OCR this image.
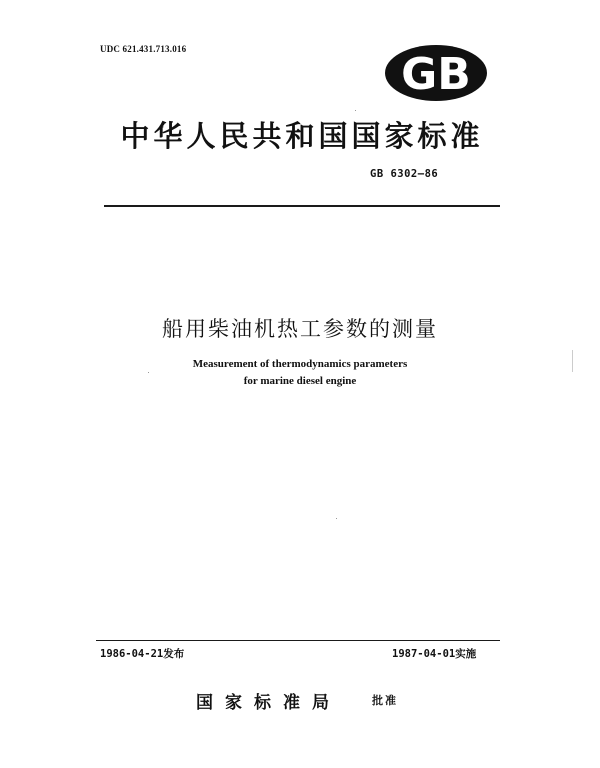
UDC 621.431.713.016	GB
中华人民共和国国家标准
GB 6302—86
船用柴油机热工参数的测量
Measurement of thermodynamics parameters
for marine diesel engine
1986-04-21发布	1987-04-01实施
国家标准局	批准
